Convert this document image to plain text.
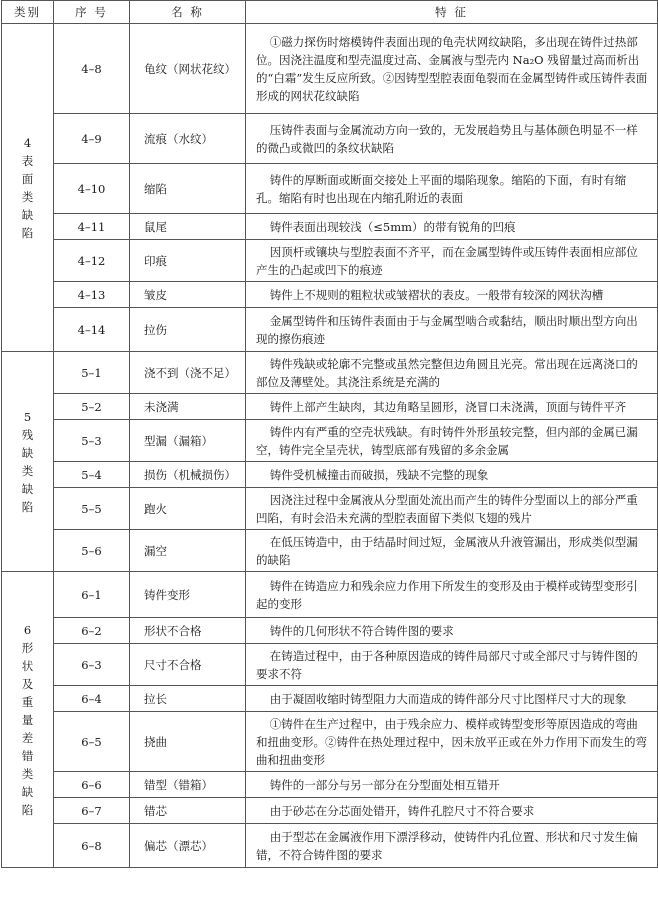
类别	序 号	名 称	特 征
4表面类缺陷	4–8	龟纹（网状花纹）	①磁力探伤时熔模铸件表面出现的龟壳状网纹缺陷，多出现在铸件过热部位。因浇注温度和型壳温度过高、金属液与型壳内 Na₂O 残留量过高而析出的“白霜”发生反应所致。②因铸型型腔表面龟裂而在金属型铸件或压铸件表面形成的网状花纹缺陷

	4–9	流痕（水纹）	压铸件表面与金属流动方向一致的，无发展趋势且与基体颜色明显不一样的微凸或微凹的条纹状缺陷

	4–10	缩陷	铸件的厚断面或断面交接处上平面的塌陷现象。缩陷的下面，有时有缩孔。缩陷有时也出现在内缩孔附近的表面

	4–11	鼠尾	铸件表面出现较浅（≤5mm）的带有锐角的凹痕

	4–12	印痕	因顶杆或镶块与型腔表面不齐平，而在金属型铸件或压铸件表面相应部位产生的凸起或凹下的痕迹

	4–13	皱皮	铸件上不规则的粗粒状或皱褶状的表皮。一般带有较深的网状沟槽

	4–14	拉伤	金属型铸件和压铸件表面由于与金属型啮合或黏结，顺出时顺出型方向出现的擦伤痕迹

5残缺类缺陷	5–1	浇不到（浇不足）	铸件残缺或轮廓不完整或虽然完整但边角圆且光亮。常出现在远离浇口的部位及薄壁处。其浇注系统是充满的

	5–2	未浇满	铸件上部产生缺肉，其边角略呈圆形，浇冒口未浇满，顶面与铸件平齐

	5–3	型漏（漏箱）	铸件内有严重的空壳状残缺。有时铸件外形虽较完整，但内部的金属已漏空，铸件完全呈壳状，铸型底部有残留的多余金属

	5–4	损伤（机械损伤）	铸件受机械撞击而破损，残缺不完整的现象

	5–5	跑火	因浇注过程中金属液从分型面处流出而产生的铸件分型面以上的部分严重凹陷，有时会沿未充满的型腔表面留下类似飞翅的残片

	5–6	漏空	在低压铸造中，由于结晶时间过短，金属液从升液管漏出，形成类似型漏的缺陷

6形状及重量差错类缺陷	6–1	铸件变形	铸件在铸造应力和残余应力作用下所发生的变形及由于模样或铸型变形引起的变形

	6–2	形状不合格	铸件的几何形状不符合铸件图的要求

	6–3	尺寸不合格	在铸造过程中，由于各种原因造成的铸件局部尺寸或全部尺寸与铸件图的要求不符

	6–4	拉长	由于凝固收缩时铸型阻力大而造成的铸件部分尺寸比图样尺寸大的现象

	6–5	挠曲	①铸件在生产过程中，由于残余应力、模样或铸型变形等原因造成的弯曲和扭曲变形。②铸件在热处理过程中，因未放平正或在外力作用下而发生的弯曲和扭曲变形

	6–6	错型（错箱）	铸件的一部分与另一部分在分型面处相互错开

	6–7	错芯	由于砂芯在分芯面处错开，铸件孔腔尺寸不符合要求

	6–8	偏芯（漂芯）	由于型芯在金属液作用下漂浮移动，使铸件内孔位置、形状和尺寸发生偏错，不符合铸件图的要求
